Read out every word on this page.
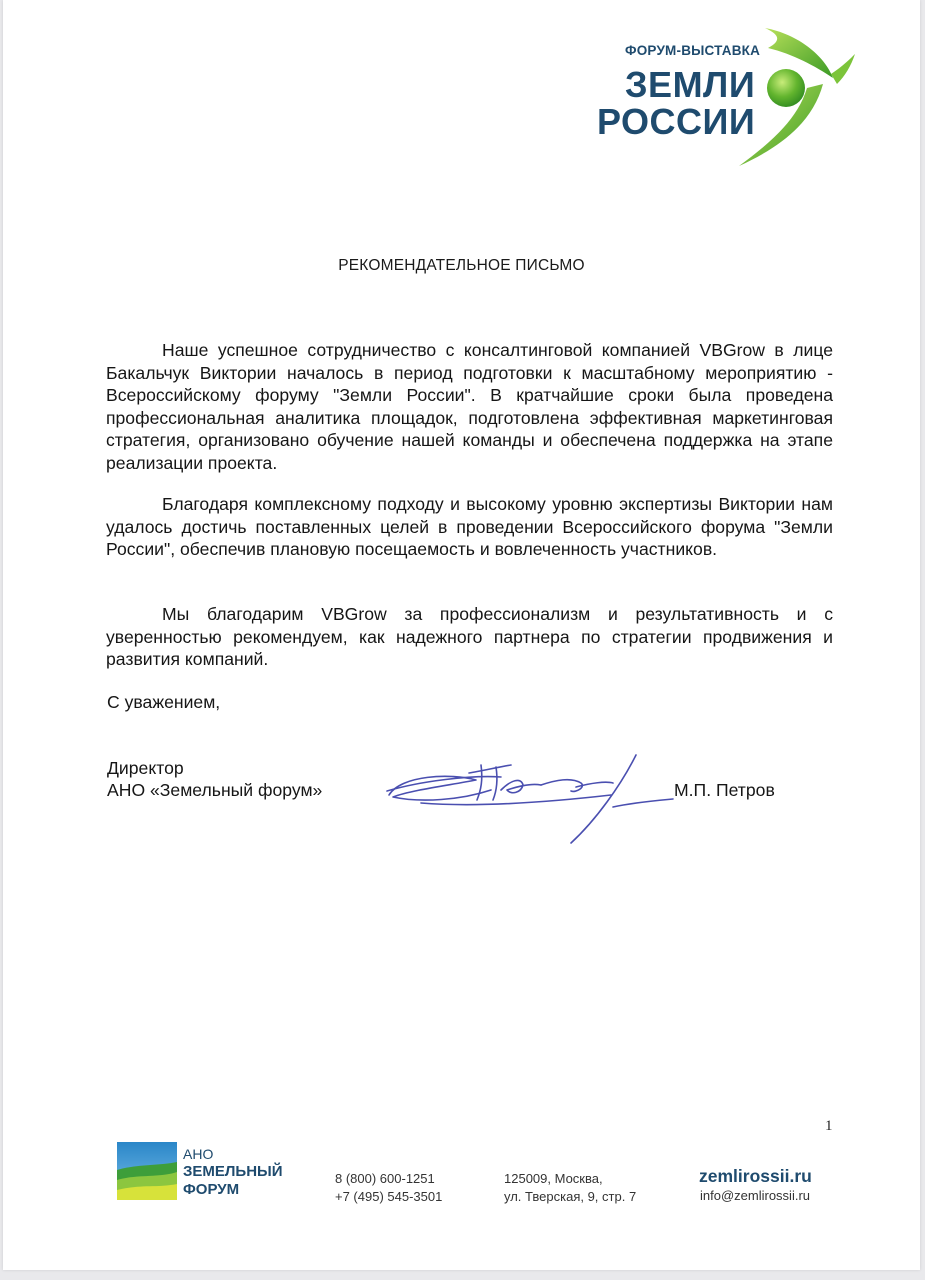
ФОРУМ-ВЫСТАВКА
ЗЕМЛИ
РОССИИ
РЕКОМЕНДАТЕЛЬНОЕ ПИСЬМО

Наше успешное сотрудничество с консалтинговой компанией VBGrow в лице Бакальчук Виктории началось в период подготовки к масштабному мероприятию - Всероссийскому форуму "Земли России". В кратчайшие сроки была проведена профессиональная аналитика площадок, подготовлена эффективная маркетинговая стратегия, организовано обучение нашей команды и обеспечена поддержка на этапе реализации проекта.

Благодаря комплексному подходу и высокому уровню экспертизы Виктории нам удалось достичь поставленных целей в проведении Всероссийского форума "Земли России", обеспечив плановую посещаемость и вовлеченность участников.

Мы благодарим VBGrow за профессионализм и результативность и с уверенностью рекомендуем, как надежного партнера по стратегии продвижения и развития компаний.

С уважением,
Директор
АНО «Земельный форум»	М.П. Петров
1
АНО
ЗЕМЕЛЬНЫЙ
ФОРУМ
8 (800) 600-1251
+7 (495) 545-3501
125009, Москва,
ул. Тверская, 9, стр. 7
zemlirossii.ru
info@zemlirossii.ru
